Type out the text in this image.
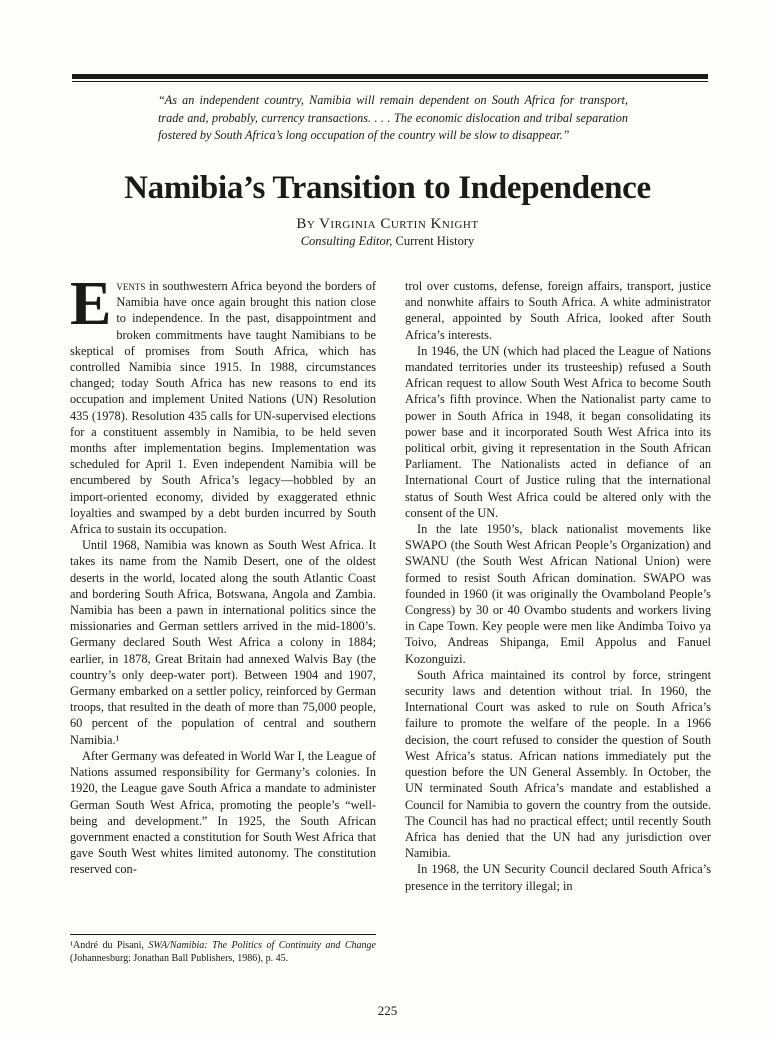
“As an independent country, Namibia will remain dependent on South Africa for transport, trade and, probably, currency transactions. . . . The economic dislocation and tribal separation fostered by South Africa’s long occupation of the country will be slow to disappear.”
Namibia’s Transition to Independence
By Virginia Curtin Knight
Consulting Editor, Current History

Events in southwestern Africa beyond the borders of Namibia have once again brought this nation close to independence. In the past, disappointment and broken commitments have taught Namibians to be skeptical of promises from South Africa, which has controlled Namibia since 1915. In 1988, circumstances changed; today South Africa has new reasons to end its occupation and implement United Nations (UN) Resolution 435 (1978). Resolution 435 calls for UN-supervised elections for a constituent assembly in Namibia, to be held seven months after implementation begins. Implementation was scheduled for April 1. Even independent Namibia will be encumbered by South Africa’s legacy—hobbled by an import-oriented economy, divided by exaggerated ethnic loyalties and swamped by a debt burden incurred by South Africa to sustain its occupation.

Until 1968, Namibia was known as South West Africa. It takes its name from the Namib Desert, one of the oldest deserts in the world, located along the south Atlantic Coast and bordering South Africa, Botswana, Angola and Zambia. Namibia has been a pawn in international politics since the missionaries and German settlers arrived in the mid-1800’s. Germany declared South West Africa a colony in 1884; earlier, in 1878, Great Britain had annexed Walvis Bay (the country’s only deep-water port). Between 1904 and 1907, Germany embarked on a settler policy, reinforced by German troops, that resulted in the death of more than 75,000 people, 60 percent of the population of central and southern Namibia.¹

After Germany was defeated in World War I, the League of Nations assumed responsibility for Germany’s colonies. In 1920, the League gave South Africa a mandate to administer German South West Africa, promoting the people’s “well-being and development.” In 1925, the South African government enacted a constitution for South West Africa that gave South West whites limited autonomy. The constitution reserved con-

trol over customs, defense, foreign affairs, transport, justice and nonwhite affairs to South Africa. A white administrator general, appointed by South Africa, looked after South Africa’s interests.

In 1946, the UN (which had placed the League of Nations mandated territories under its trusteeship) refused a South African request to allow South West Africa to become South Africa’s fifth province. When the Nationalist party came to power in South Africa in 1948, it began consolidating its power base and it incorporated South West Africa into its political orbit, giving it representation in the South African Parliament. The Nationalists acted in defiance of an International Court of Justice ruling that the international status of South West Africa could be altered only with the consent of the UN.

In the late 1950’s, black nationalist movements like SWAPO (the South West African People’s Organization) and SWANU (the South West African National Union) were formed to resist South African domination. SWAPO was founded in 1960 (it was originally the Ovamboland People’s Congress) by 30 or 40 Ovambo students and workers living in Cape Town. Key people were men like Andimba Toivo ya Toivo, Andreas Shipanga, Emil Appolus and Fanuel Kozonguizi.

South Africa maintained its control by force, stringent security laws and detention without trial. In 1960, the International Court was asked to rule on South Africa’s failure to promote the welfare of the people. In a 1966 decision, the court refused to consider the question of South West Africa’s status. African nations immediately put the question before the UN General Assembly. In October, the UN terminated South Africa’s mandate and established a Council for Namibia to govern the country from the outside. The Council has had no practical effect; until recently South Africa has denied that the UN had any jurisdiction over Namibia.

In 1968, the UN Security Council declared South Africa’s presence in the territory illegal; in

¹André du Pisani, SWA/Namibia: The Politics of Continuity and Change (Johannesburg: Jonathan Ball Publishers, 1986), p. 45.
225
